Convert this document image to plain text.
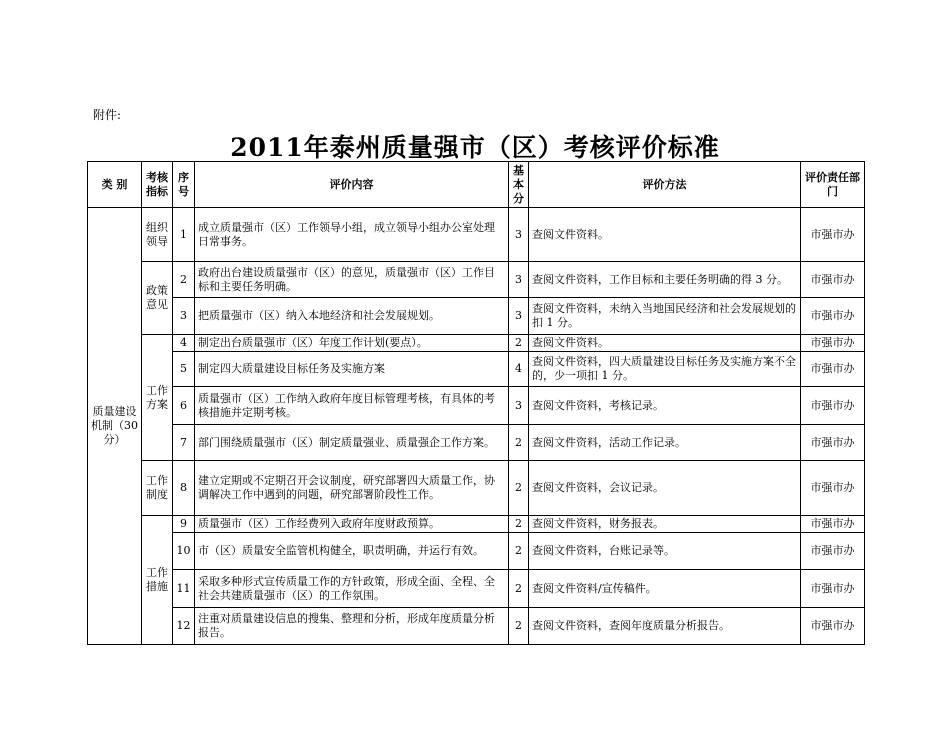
附件:
2011年泰州质量强市（区）考核评价标准
类 别	考核指标	序号	评价内容	基本分	评价方法	评价责任部门
质量建设机制（30分）	组织领导	1	成立质量强市（区）工作领导小组，成立领导小组办公室处理日常事务。	3	查阅文件资料。	市强市办
	政策意见	2	政府出台建设质量强市（区）的意见，质量强市（区）工作目标和主要任务明确。	3	查阅文件资料，工作目标和主要任务明确的得 3 分。	市强市办
		3	把质量强市（区）纳入本地经济和社会发展规划。	3	查阅文件资料，未纳入当地国民经济和社会发展规划的扣 1 分。	市强市办
	工作方案	4	制定出台质量强市（区）年度工作计划(要点）。	2	查阅文件资料。	市强市办
		5	制定四大质量建设目标任务及实施方案	4	查阅文件资料，四大质量建设目标任务及实施方案不全的，少一项扣 1 分。	市强市办
		6	质量强市（区）工作纳入政府年度目标管理考核，有具体的考核措施并定期考核。	3	查阅文件资料，考核记录。	市强市办
		7	部门围绕质量强市（区）制定质量强业、质量强企工作方案。	2	查阅文件资料，活动工作记录。	市强市办
	工作制度	8	建立定期或不定期召开会议制度，研究部署四大质量工作，协调解决工作中遇到的问题，研究部署阶段性工作。	2	查阅文件资料，会议记录。	市强市办
	工作措施	9	质量强市（区）工作经费列入政府年度财政预算。	2	查阅文件资料，财务报表。	市强市办
		10	市（区）质量安全监管机构健全，职责明确，并运行有效。	2	查阅文件资料，台账记录等。	市强市办
		11	采取多种形式宣传质量工作的方针政策，形成全面、全程、全社会共建质量强市（区）的工作氛围。	2	查阅文件资料/宣传稿件。	市强市办
		12	注重对质量建设信息的搜集、整理和分析，形成年度质量分析报告。	2	查阅文件资料，查阅年度质量分析报告。	市强市办
